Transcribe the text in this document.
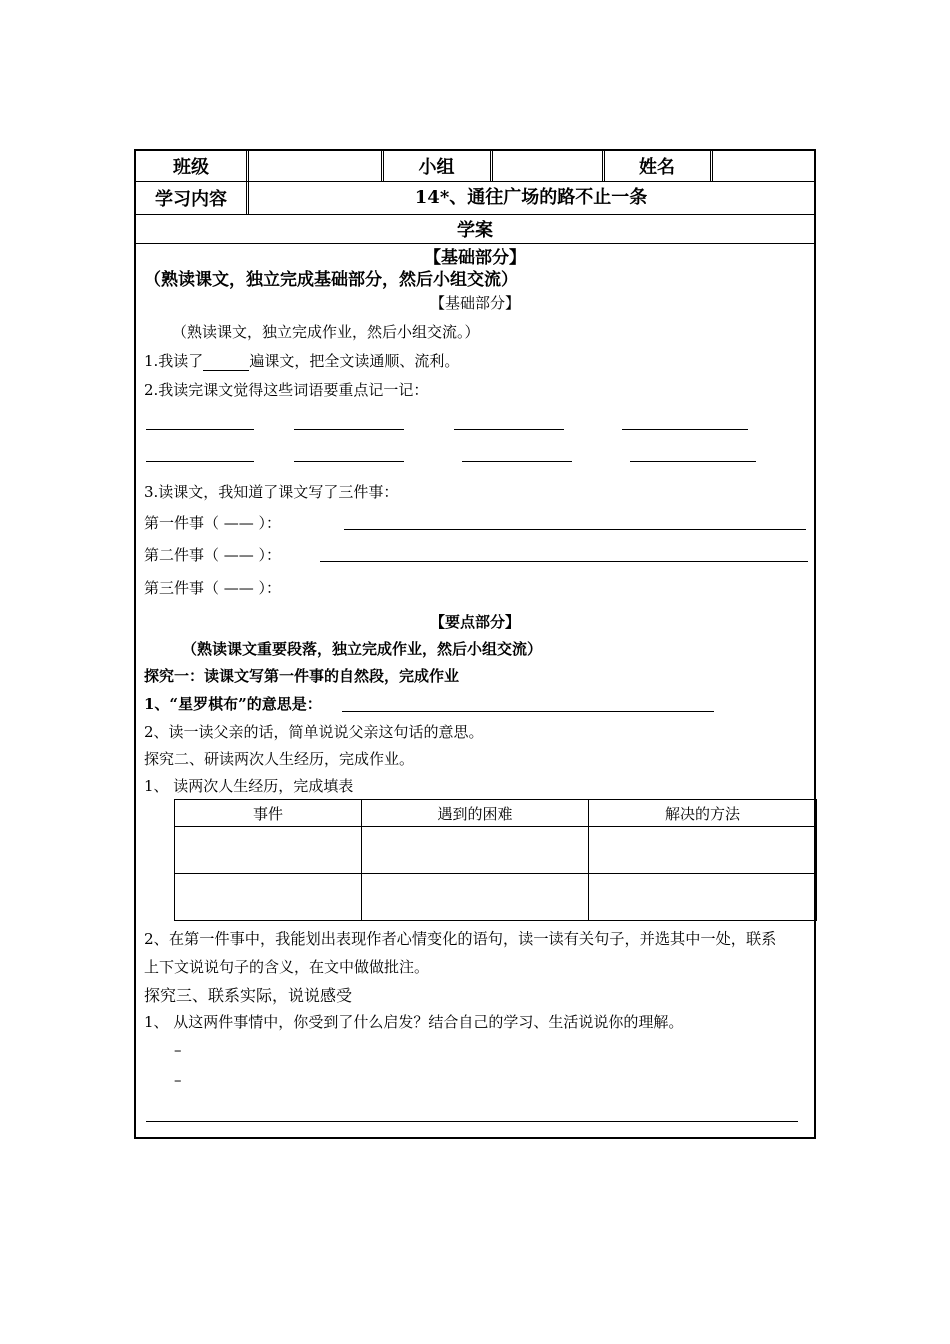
班级	小组	姓名
学习内容	14*、通往广场的路不止一条
学案
【基础部分】
（熟读课文，独立完成基础部分，然后小组交流）
【基础部分】
（熟读课文，独立完成作业，然后小组交流。）
1.我读了	遍课文，把全文读通顺、流利。
2.我读完课文觉得这些词语要重点记一记：
3.读课文，我知道了课文写了三件事：
第一件事（ —— ）：
第二件事（ —— ）：
第三件事（ —— ）：
【要点部分】
（熟读课文重要段落，独立完成作业，然后小组交流）
探究一：读课文写第一件事的自然段，完成作业
1、“星罗棋布”的意思是：
2、读一读父亲的话，简单说说父亲这句话的意思。
探究二、研读两次人生经历，完成作业。
1、 读两次人生经历，完成填表
事件	遇到的困难	解决的方法

2、在第一件事中，我能划出表现作者心情变化的语句，读一读有关句子，并选其中一处，联系
上下文说说句子的含义，在文中做做批注。
探究三、联系实际，说说感受
1、 从这两件事情中，你受到了什么启发？结合自己的学习、生活说说你的理解。
–
–
